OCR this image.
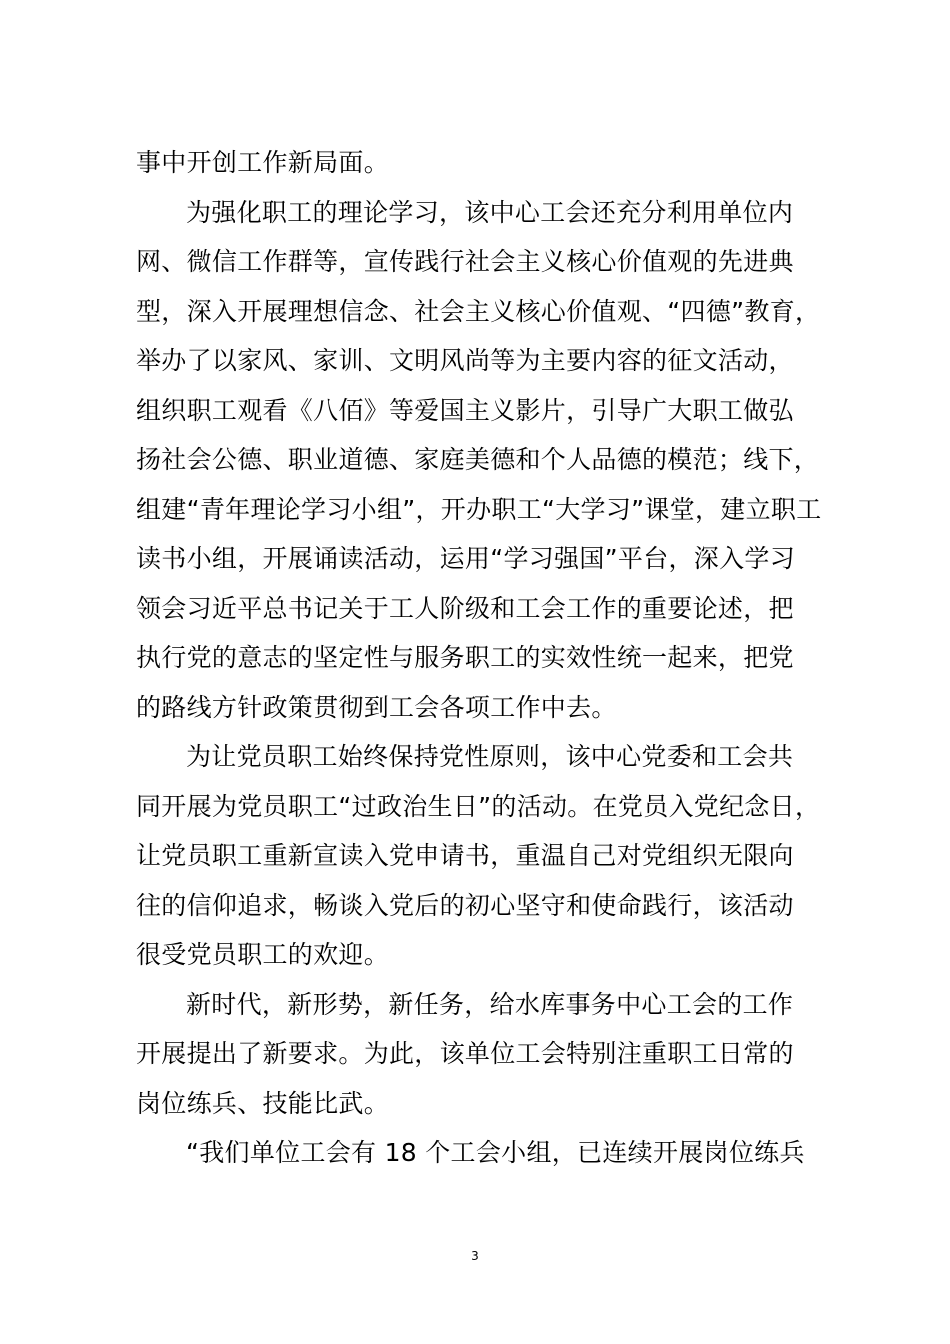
事中开创工作新局面。
为强化职工的理论学习，该中心工会还充分利用单位内
网、微信工作群等，宣传践行社会主义核心价值观的先进典
型，深入开展理想信念、社会主义核心价值观、“四德”教育，
举办了以家风、家训、文明风尚等为主要内容的征文活动，
组织职工观看《八佰》等爱国主义影片，引导广大职工做弘
扬社会公德、职业道德、家庭美德和个人品德的模范；线下，
组建“青年理论学习小组”，开办职工“大学习”课堂，建立职工
读书小组，开展诵读活动，运用“学习强国”平台，深入学习
领会习近平总书记关于工人阶级和工会工作的重要论述，把
执行党的意志的坚定性与服务职工的实效性统一起来，把党
的路线方针政策贯彻到工会各项工作中去。
为让党员职工始终保持党性原则，该中心党委和工会共
同开展为党员职工“过政治生日”的活动。在党员入党纪念日，
让党员职工重新宣读入党申请书，重温自己对党组织无限向
往的信仰追求，畅谈入党后的初心坚守和使命践行，该活动
很受党员职工的欢迎。
新时代，新形势，新任务，给水库事务中心工会的工作
开展提出了新要求。为此，该单位工会特别注重职工日常的
岗位练兵、技能比武。
“我们单位工会有 18 个工会小组，已连续开展岗位练兵
3
